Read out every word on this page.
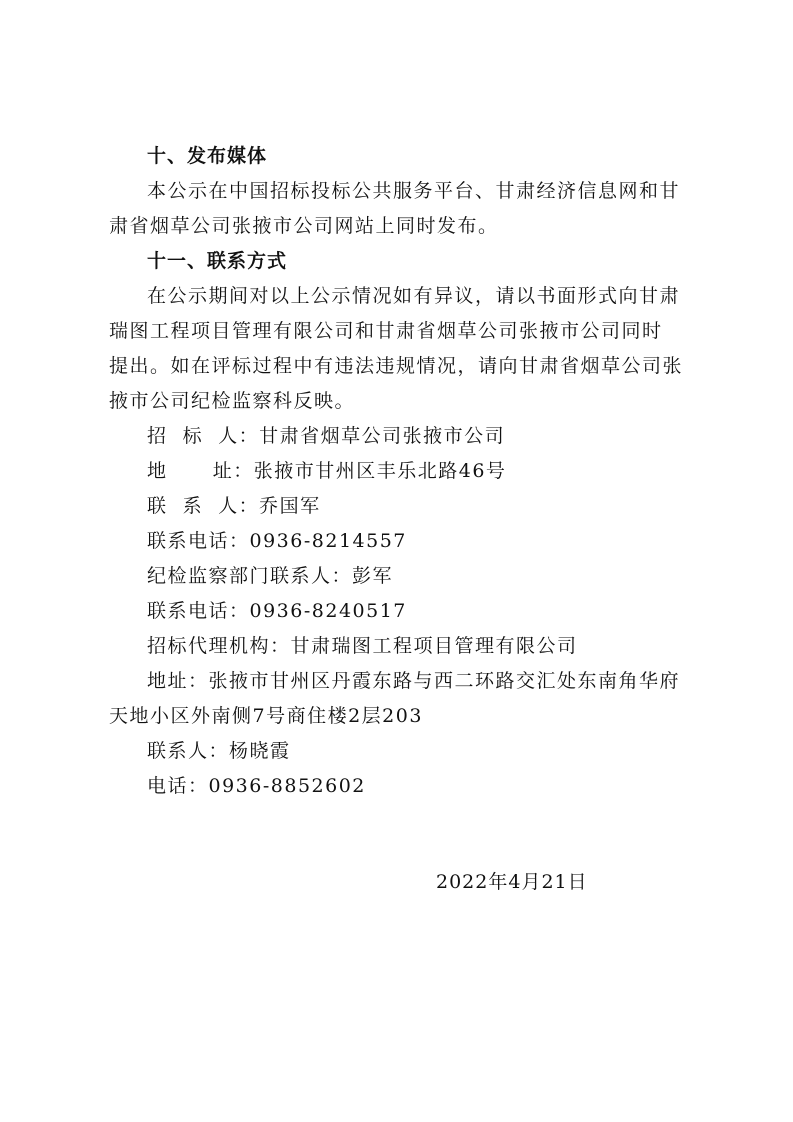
十、发布媒体
本公示在中国招标投标公共服务平台、甘肃经济信息网和甘
肃省烟草公司张掖市公司网站上同时发布。
十一、联系方式
在公示期间对以上公示情况如有异议，请以书面形式向甘肃
瑞图工程项目管理有限公司和甘肃省烟草公司张掖市公司同时
提出。如在评标过程中有违法违规情况，请向甘肃省烟草公司张
掖市公司纪检监察科反映。
招  标  人：甘肃省烟草公司张掖市公司
地      址：张掖市甘州区丰乐北路46号
联  系  人：乔国军
联系电话：0936-8214557
纪检监察部门联系人：彭军
联系电话：0936-8240517
招标代理机构：甘肃瑞图工程项目管理有限公司
地址：张掖市甘州区丹霞东路与西二环路交汇处东南角华府
天地小区外南侧7号商住楼2层203
联系人：杨晓霞
电话：0936-8852602
2022年4月21日
